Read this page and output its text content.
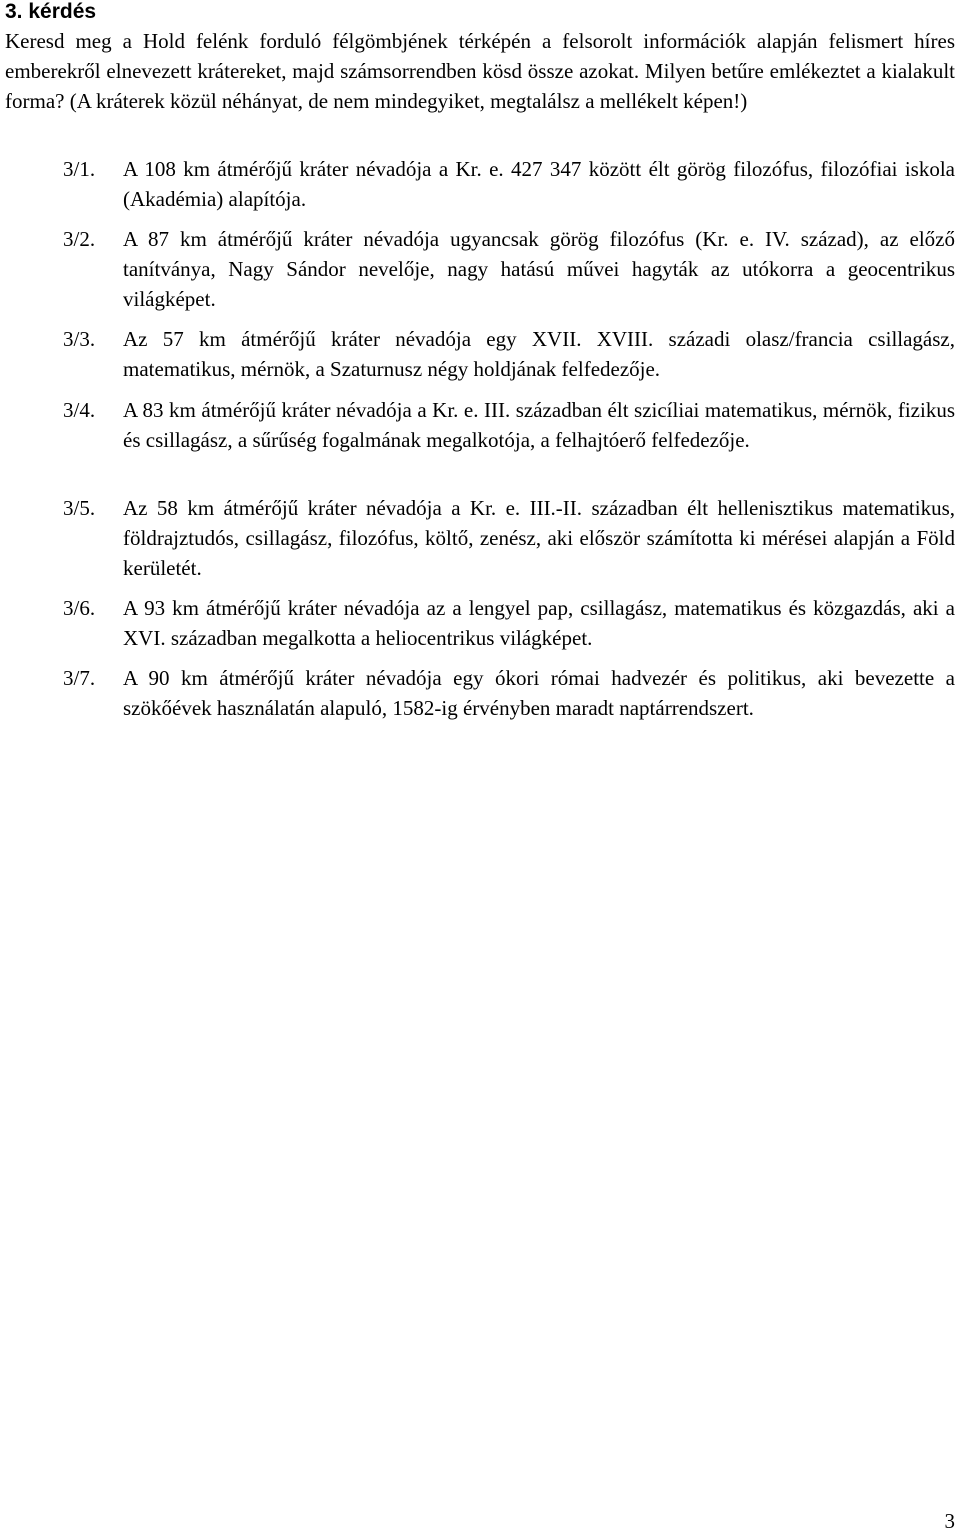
3. kérdés
Keresd meg a Hold felénk forduló félgömbjének térképén a felsorolt információk alapján felismert híres emberekről elnevezett krátereket, majd számsorrendben kösd össze azokat. Milyen betűre emlékeztet a kialakult forma? (A kráterek közül néhányat, de nem mindegyiket, megtalálsz a mellékelt képen!)
3/1.	A 108 km átmérőjű kráter névadója a Kr. e. 427 347 között élt görög filozófus, filozófiai iskola (Akadémia) alapítója.
3/2.	A 87 km átmérőjű kráter névadója ugyancsak görög filozófus (Kr. e. IV. század), az előző tanítványa, Nagy Sándor nevelője, nagy hatású művei hagyták az utókorra a geocentrikus világképet.
3/3.	Az 57 km átmérőjű kráter névadója egy XVII. XVIII. századi olasz/francia csillagász, matematikus, mérnök, a Szaturnusz négy holdjának felfedezője.
3/4.	A 83 km átmérőjű kráter névadója a Kr. e. III. században élt szicíliai matematikus, mérnök, fizikus és csillagász, a sűrűség fogalmának megalkotója, a felhajtóerő felfedezője.
3/5.	Az 58 km átmérőjű kráter névadója a Kr. e. III.-II. században élt hellenisztikus matematikus, földrajztudós, csillagász, filozófus, költő, zenész, aki először számította ki mérései alapján a Föld kerületét.
3/6.	A 93 km átmérőjű kráter névadója az a lengyel pap, csillagász, matematikus és közgazdás, aki a XVI. században megalkotta a heliocentrikus világképet.
3/7.	A 90 km átmérőjű kráter névadója egy ókori római hadvezér és politikus, aki bevezette a szökőévek használatán alapuló, 1582-ig érvényben maradt naptárrendszert.
3
